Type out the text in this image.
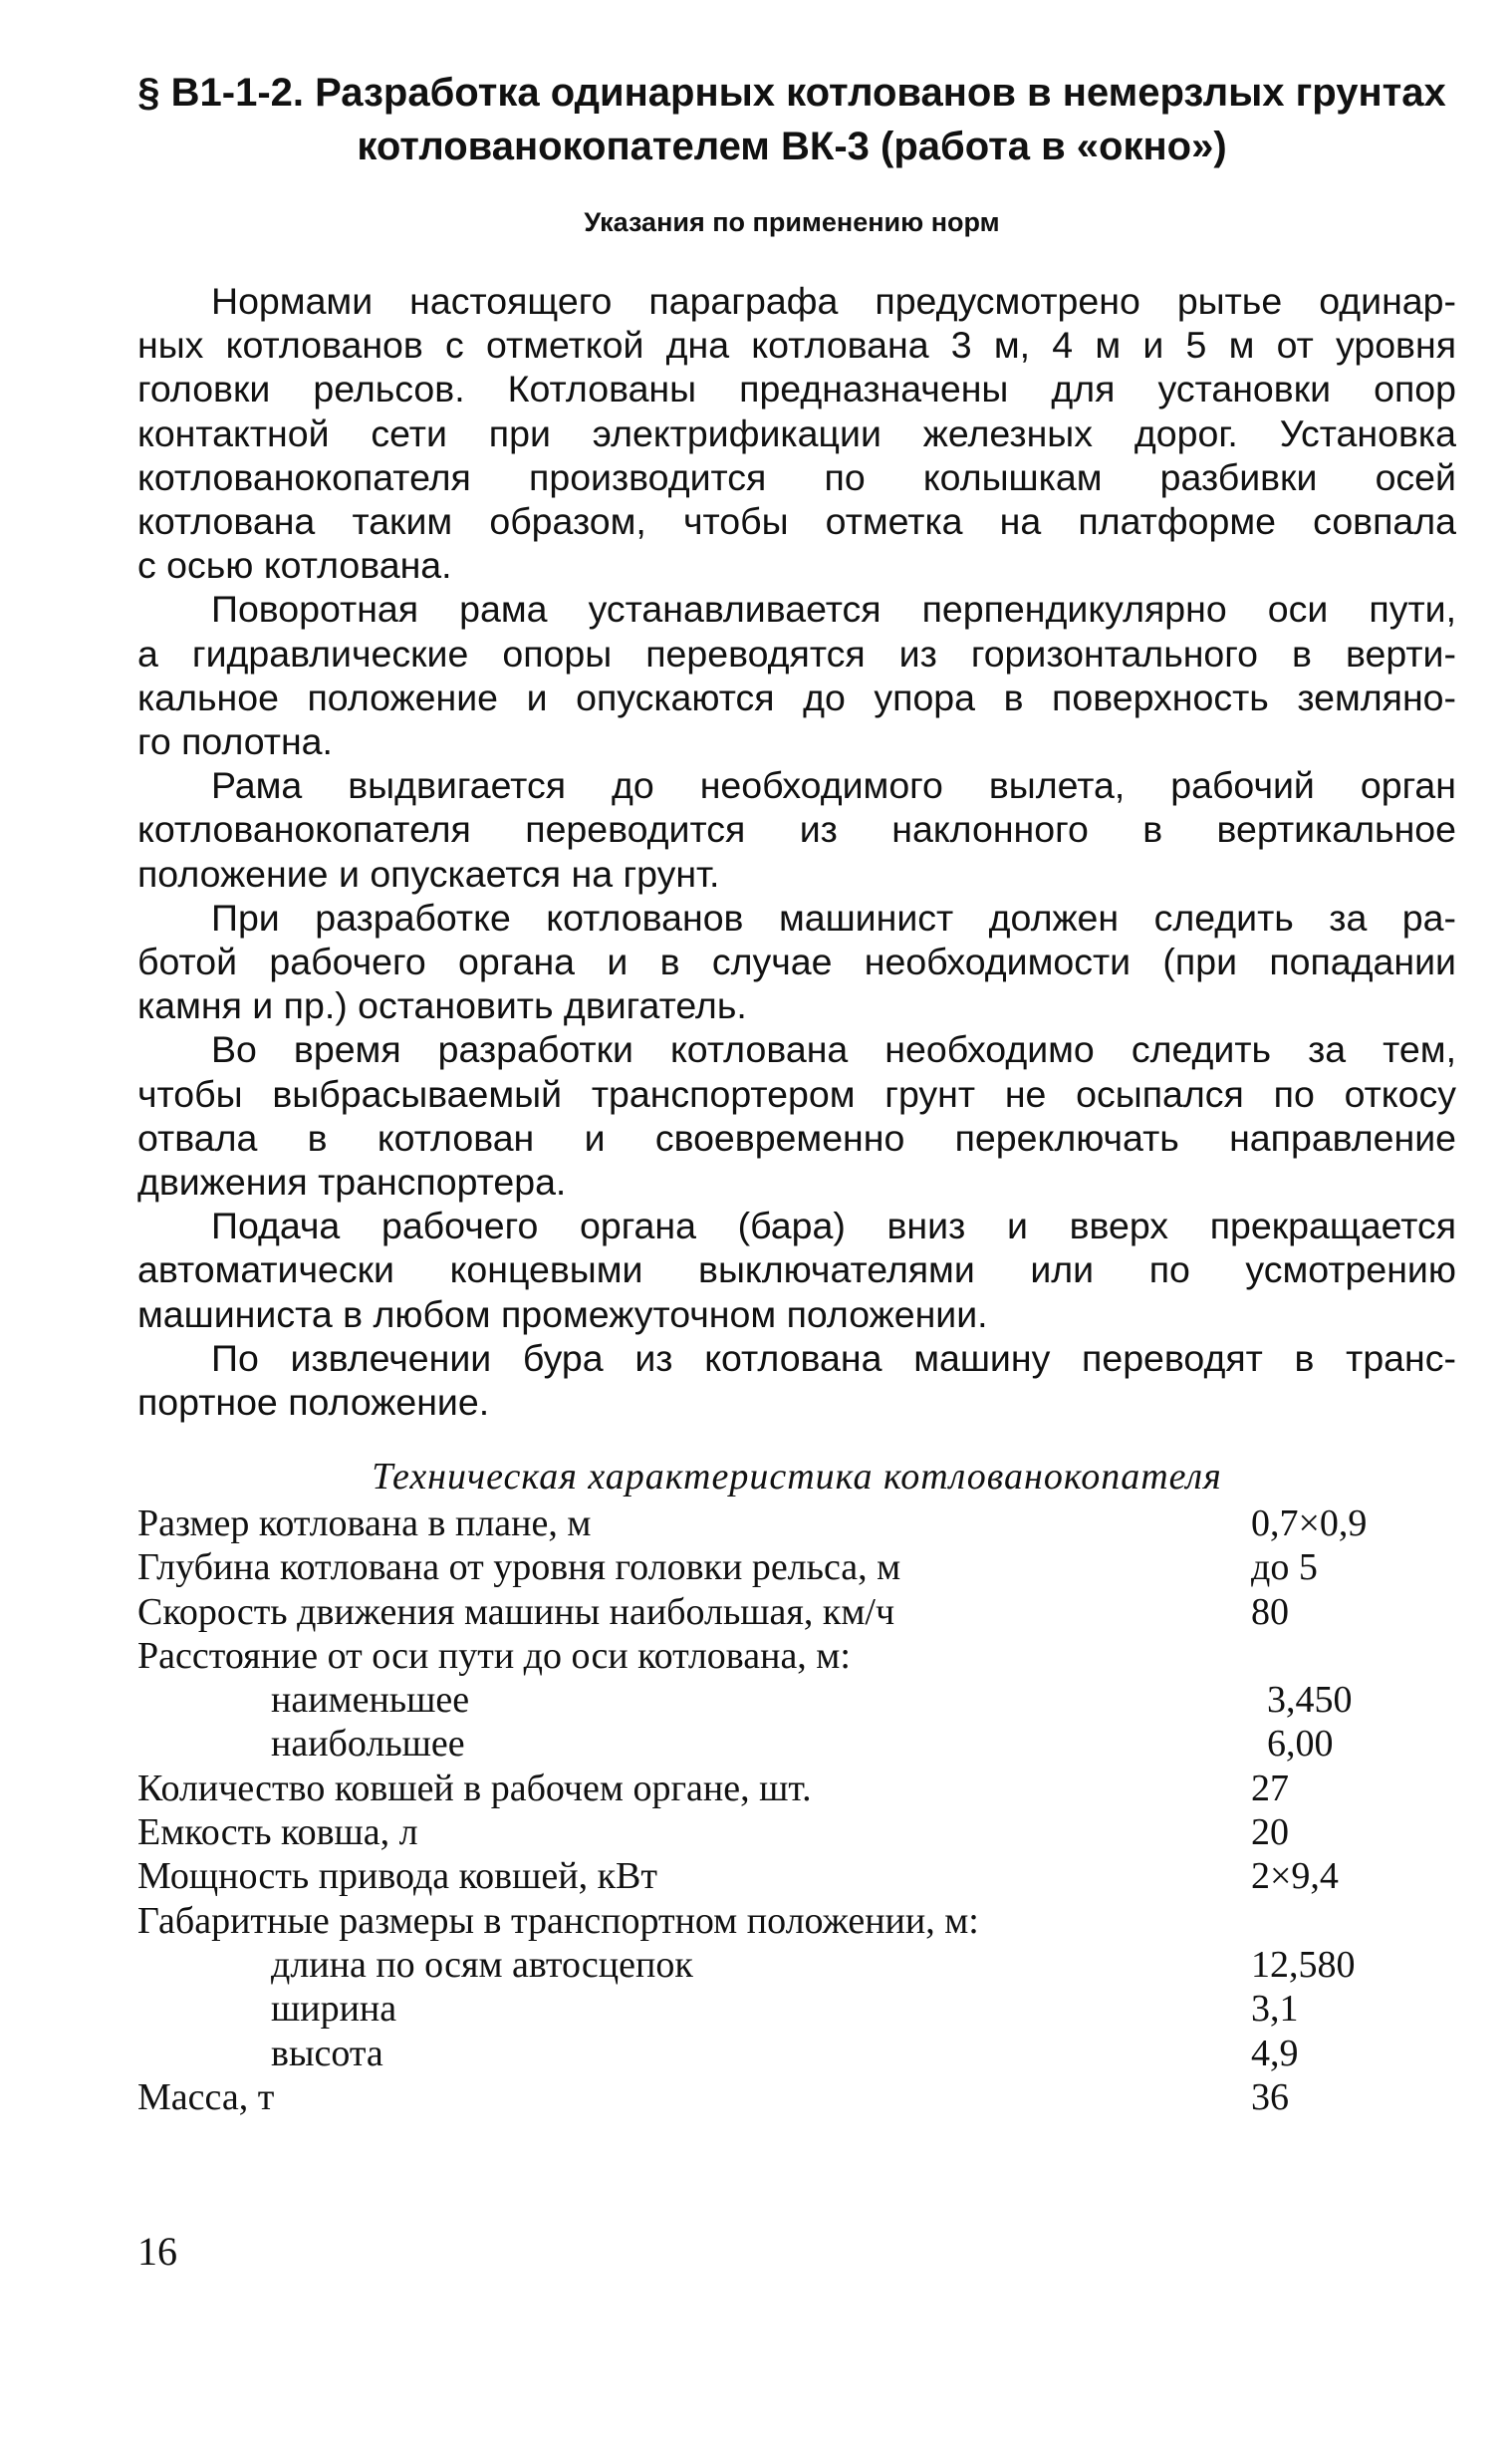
§ B1-1-2. Разработка одинарных котлованов в немерзлых грунтах
котлованокопателем ВК-3 (работа в «окно»)
Указания по применению норм
Нормами настоящего параграфа предусмотрено рытье одинар-
ных котлованов с отметкой дна котлована 3 м, 4 м и 5 м от уровня
головки рельсов. Котлованы предназначены для установки опор
контактной сети при электрификации железных дорог. Установка
котлованокопателя производится по колышкам разбивки осей
котлована таким образом, чтобы отметка на платформе совпала
с осью котлована.
Поворотная рама устанавливается перпендикулярно оси пути,
а гидравлические опоры переводятся из горизонтального в верти-
кальное положение и опускаются до упора в поверхность земляно-
го полотна.
Рама выдвигается до необходимого вылета, рабочий орган
котлованокопателя переводится из наклонного в вертикальное
положение и опускается на грунт.
При разработке котлованов машинист должен следить за ра-
ботой рабочего органа и в случае необходимости (при попадании
камня и пр.) остановить двигатель.
Во время разработки котлована необходимо следить за тем,
чтобы выбрасываемый транспортером грунт не осыпался по откосу
отвала в котлован и своевременно переключать направление
движения транспортера.
Подача рабочего органа (бара) вниз и вверх прекращается
автоматически концевыми выключателями или по усмотрению
машиниста в любом промежуточном положении.
По извлечении бура из котлована машину переводят в транс-
портное положение.
Техническая характеристика котлованокопателя
Размер котлована в плане, м	0,7×0,9
Глубина котлована от уровня головки рельса, м	до 5
Скорость движения машины наибольшая, км/ч	80
Расстояние от оси пути до оси котлована, м:
наименьшее	3,450
наибольшее	6,00
Количество ковшей в рабочем органе, шт.	27
Емкость ковша, л	20
Мощность привода ковшей, кВт	2×9,4
Габаритные размеры в транспортном положении, м:
длина по осям автосцепок	12,580
ширина	3,1
высота	4,9
Масса, т	36
16
